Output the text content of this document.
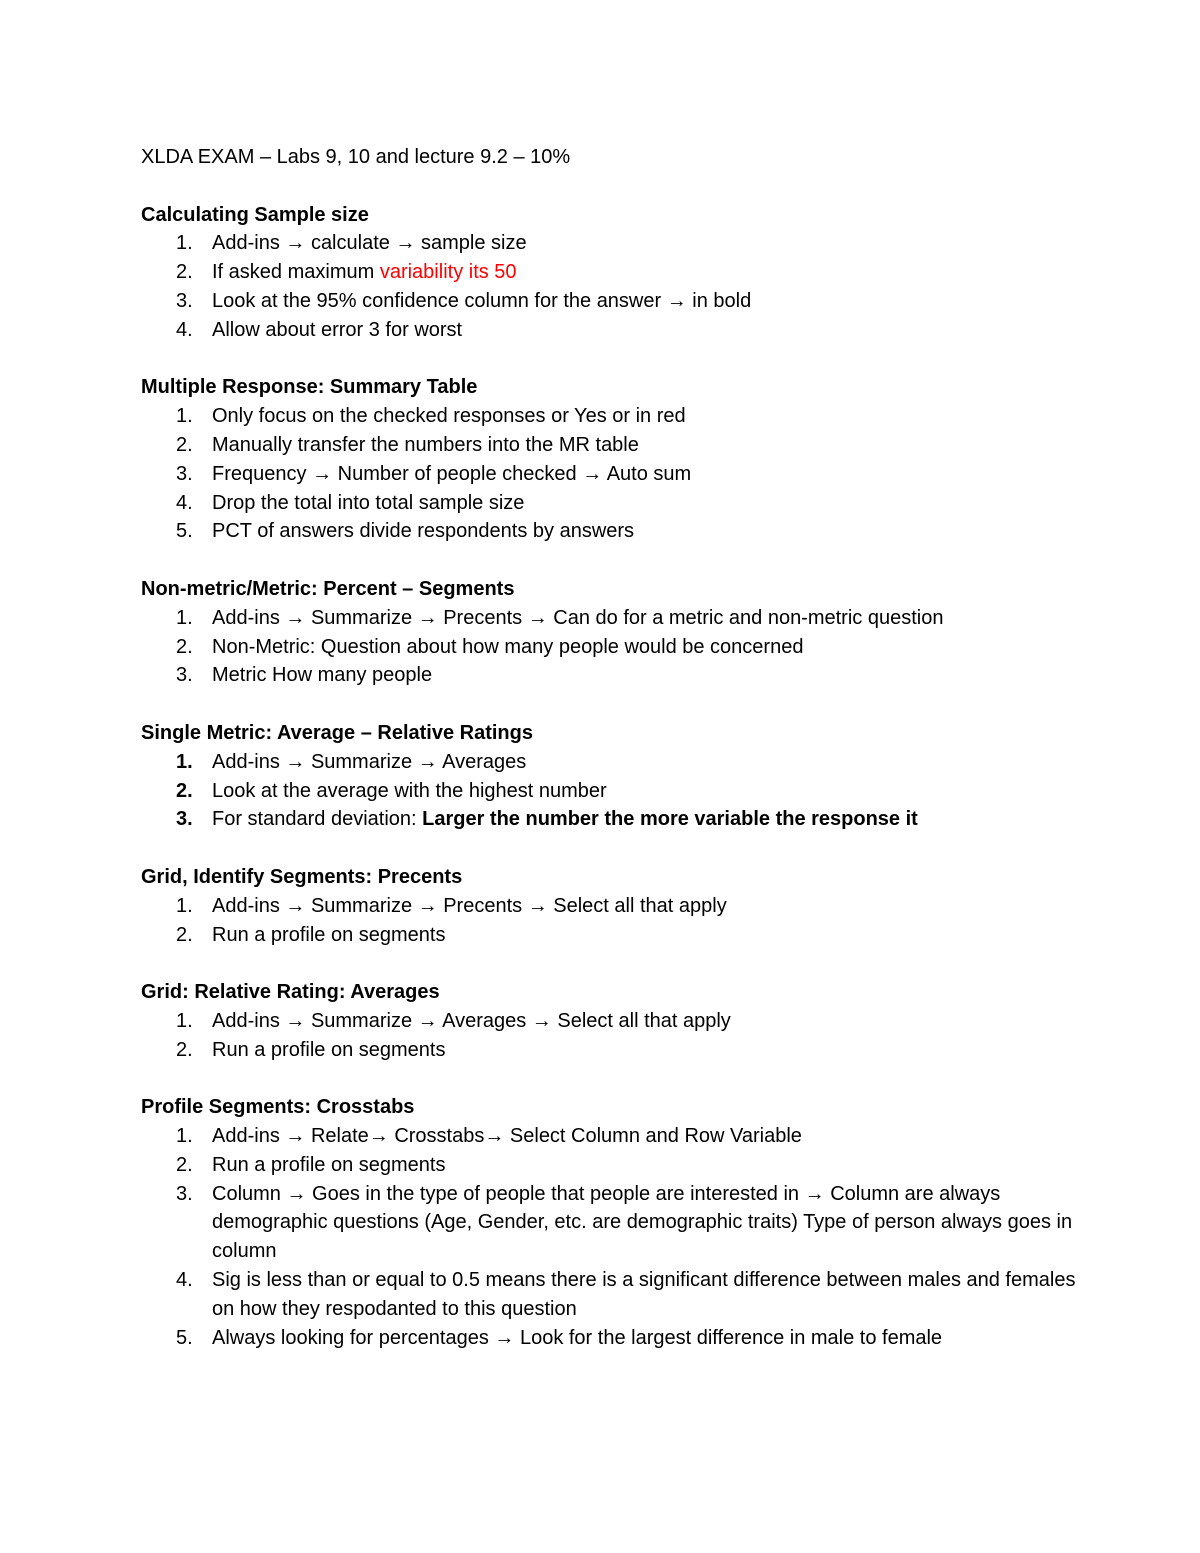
XLDA EXAM – Labs 9, 10 and lecture 9.2 – 10%
Calculating Sample size
1. Add-ins → calculate → sample size
2. If asked maximum variability its 50
3. Look at the 95% confidence column for the answer → in bold
4. Allow about error 3 for worst
Multiple Response: Summary Table
1. Only focus on the checked responses or Yes or in red
2. Manually transfer the numbers into the MR table
3. Frequency → Number of people checked → Auto sum
4. Drop the total into total sample size
5. PCT of answers divide respondents by answers
Non-metric/Metric: Percent – Segments
1. Add-ins → Summarize → Precents → Can do for a metric and non-metric question
2. Non-Metric: Question about how many people would be concerned
3. Metric How many people
Single Metric: Average – Relative Ratings
1. Add-ins → Summarize → Averages
2. Look at the average with the highest number
3. For standard deviation: Larger the number the more variable the response it
Grid, Identify Segments: Precents
1. Add-ins → Summarize → Precents → Select all that apply
2. Run a profile on segments
Grid: Relative Rating: Averages
1. Add-ins → Summarize → Averages → Select all that apply
2. Run a profile on segments
Profile Segments: Crosstabs
1. Add-ins → Relate→ Crosstabs→ Select Column and Row Variable
2. Run a profile on segments
3. Column → Goes in the type of people that people are interested in → Column are always demographic questions (Age, Gender, etc. are demographic traits) Type of person always goes in column
4. Sig is less than or equal to 0.5 means there is a significant difference between males and females on how they respodanted to this question
5. Always looking for percentages → Look for the largest difference in male to female
